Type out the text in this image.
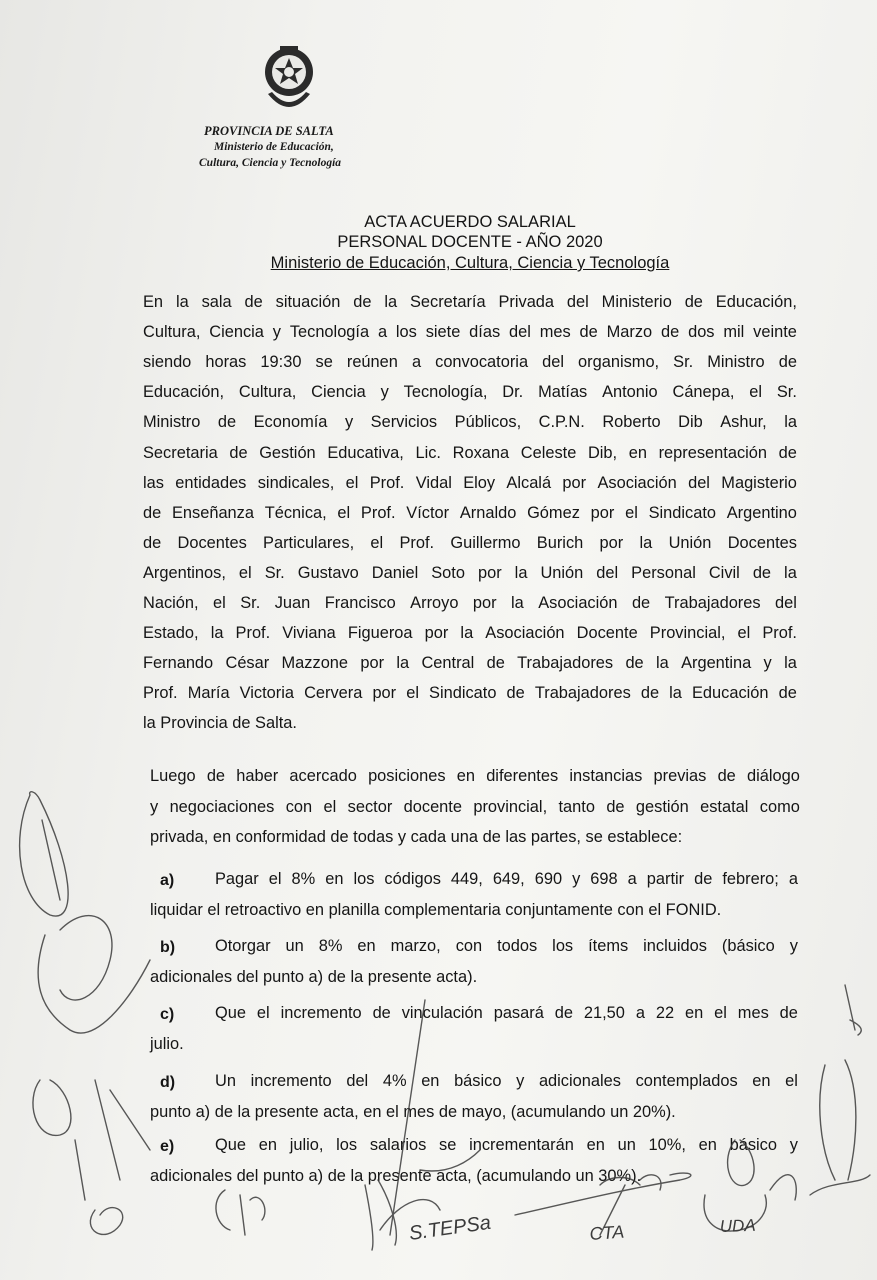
PROVINCIA DE SALTA
Ministerio de Educación,
Cultura, Ciencia y Tecnología
ACTA ACUERDO SALARIAL
PERSONAL DOCENTE - AÑO 2020
Ministerio de Educación, Cultura, Ciencia y Tecnología
En la sala de situación de la Secretaría Privada del Ministerio de Educación,
Cultura, Ciencia y Tecnología a los siete días del mes de Marzo de dos mil veinte
siendo horas 19:30 se reúnen a convocatoria del organismo, Sr. Ministro de
Educación, Cultura, Ciencia y Tecnología, Dr. Matías Antonio Cánepa, el Sr.
Ministro de Economía y Servicios Públicos, C.P.N. Roberto Dib Ashur, la
Secretaria de Gestión Educativa, Lic. Roxana Celeste Dib, en representación de
las entidades sindicales, el Prof. Vidal Eloy Alcalá por Asociación del Magisterio
de Enseñanza Técnica, el Prof. Víctor Arnaldo Gómez por el Sindicato Argentino
de Docentes Particulares, el Prof. Guillermo Burich por la Unión Docentes
Argentinos, el Sr. Gustavo Daniel Soto por la Unión del Personal Civil de la
Nación, el Sr. Juan Francisco Arroyo por la Asociación de Trabajadores del
Estado, la Prof. Viviana Figueroa por la Asociación Docente Provincial, el Prof.
Fernando César Mazzone por la Central de Trabajadores de la Argentina y la
Prof. María Victoria Cervera por el Sindicato de Trabajadores de la Educación de
la Provincia de Salta.
Luego de haber acercado posiciones en diferentes instancias previas de diálogo
y negociaciones con el sector docente provincial, tanto de gestión estatal como
privada, en conformidad de todas y cada una de las partes, se establece:
a) Pagar el 8% en los códigos 449, 649, 690 y 698 a partir de febrero; a
liquidar el retroactivo en planilla complementaria conjuntamente con el FONID.
b) Otorgar un 8% en marzo, con todos los ítems incluidos (básico y
adicionales del punto a) de la presente acta).
c) Que el incremento de vinculación pasará de 21,50 a 22 en el mes de
julio.
d) Un incremento del 4% en básico y adicionales contemplados en el
punto a) de la presente acta, en el mes de mayo, (acumulando un 20%).
e) Que en julio, los salarios se incrementarán en un 10%, en básico y
adicionales del punto a) de la presente acta, (acumulando un 30%).
S.TEPSa	CTA	UDA
